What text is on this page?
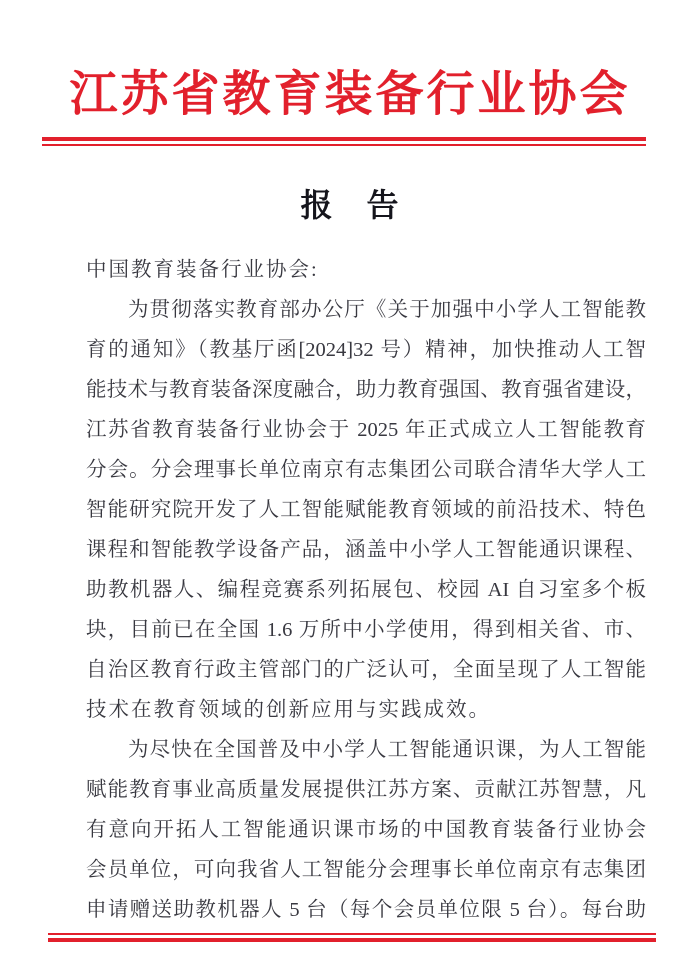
江苏省教育装备行业协会
报　告

中国教育装备行业协会:

为贯彻落实教育部办公厅《关于加强中小学人工智能教
育的通知》（教基厅函[2024]32 号）精神，加快推动人工智
能技术与教育装备深度融合，助力教育强国、教育强省建设，
江苏省教育装备行业协会于 2025 年正式成立人工智能教育
分会。分会理事长单位南京有志集团公司联合清华大学人工
智能研究院开发了人工智能赋能教育领域的前沿技术、特色
课程和智能教学设备产品，涵盖中小学人工智能通识课程、
助教机器人、编程竞赛系列拓展包、校园 AI 自习室多个板
块，目前已在全国 1.6 万所中小学使用，得到相关省、市、
自治区教育行政主管部门的广泛认可，全面呈现了人工智能
技术在教育领域的创新应用与实践成效。
为尽快在全国普及中小学人工智能通识课，为人工智能
赋能教育事业高质量发展提供江苏方案、贡献江苏智慧，凡
有意向开拓人工智能通识课市场的中国教育装备行业协会
会员单位，可向我省人工智能分会理事长单位南京有志集团
申请赠送助教机器人 5 台（每个会员单位限 5 台）。每台助
